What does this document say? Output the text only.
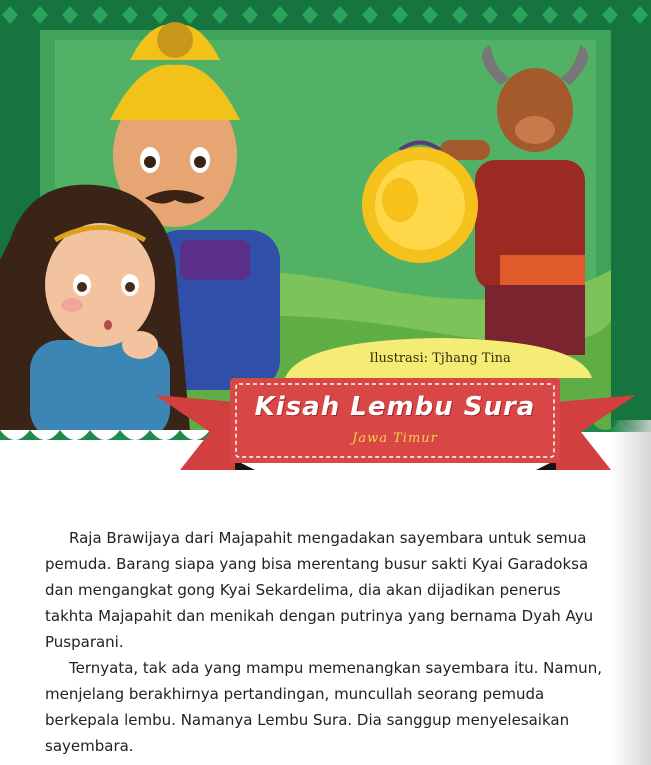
Ilustrasi: Tjhang Tina
Kisah Lembu Sura
Jawa Timur

Raja Brawijaya dari Majapahit mengadakan sayembara untuk semua pemuda. Barang siapa yang bisa merentang busur sakti Kyai Garadoksa dan mengangkat gong Kyai Sekardelima, dia akan dijadikan penerus takhta Majapahit dan menikah dengan putrinya yang bernama Dyah Ayu Pusparani.

Ternyata, tak ada yang mampu memenangkan sayembara itu. Namun, menjelang berakhirnya pertandingan, muncullah seorang pemuda berkepala lembu. Namanya Lembu Sura. Dia sanggup menyelesaikan sayembara.
